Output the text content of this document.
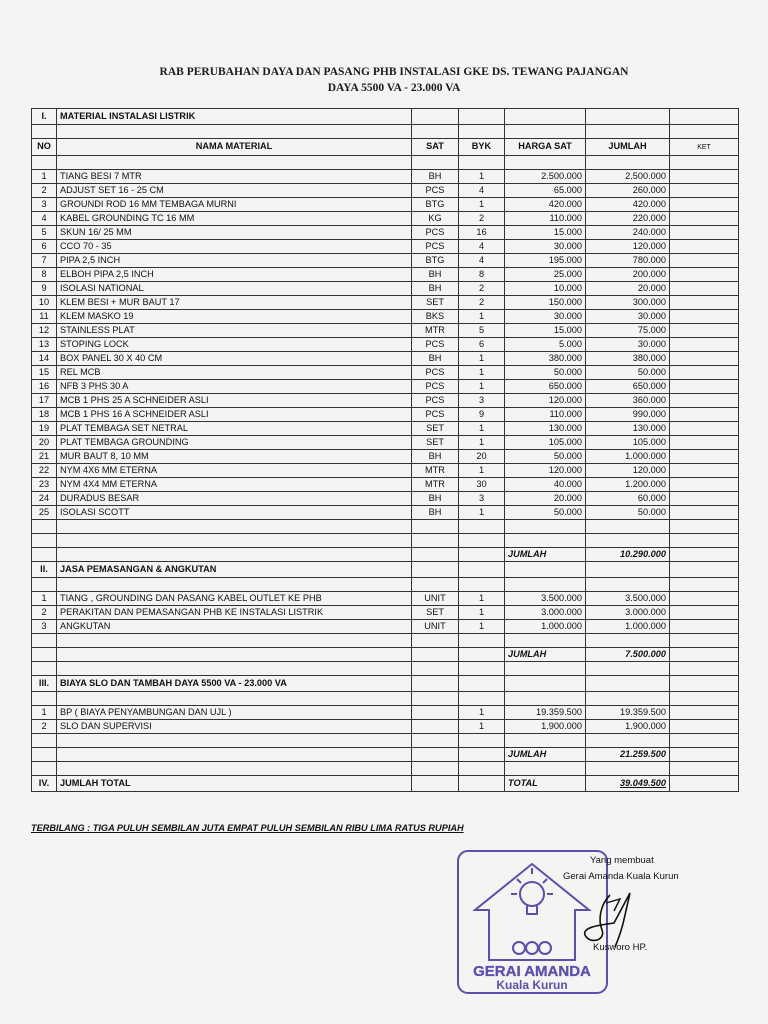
RAB PERUBAHAN DAYA DAN PASANG PHB INSTALASI GKE DS. TEWANG PAJANGAN
DAYA 5500 VA - 23.000 VA
I.	MATERIAL INSTALASI LISTRIK					

NO	NAMA MATERIAL	SAT	BYK	HARGA SAT	JUMLAH	KET

1	TIANG BESI 7 MTR	BH	1	2.500.000	2.500.000	
2	ADJUST SET 16 - 25 CM	PCS	4	65.000	260.000	
3	GROUNDI ROD 16 MM TEMBAGA MURNI	BTG	1	420.000	420.000	
4	KABEL GROUNDING TC 16 MM	KG	2	110.000	220.000	
5	SKUN 16/ 25 MM	PCS	16	15.000	240.000	
6	CCO 70 - 35	PCS	4	30.000	120.000	
7	PIPA 2,5 INCH	BTG	4	195.000	780.000	
8	ELBOH PIPA 2,5 INCH	BH	8	25.000	200.000	
9	ISOLASI NATIONAL	BH	2	10.000	20.000	
10	KLEM BESI + MUR BAUT 17	SET	2	150.000	300.000	
11	KLEM MASKO 19	BKS	1	30.000	30.000	
12	STAINLESS PLAT	MTR	5	15.000	75.000	
13	STOPING LOCK	PCS	6	5.000	30.000	
14	BOX PANEL 30 X 40 CM	BH	1	380.000	380.000	
15	REL MCB	PCS	1	50.000	50.000	
16	NFB 3 PHS 30 A	PCS	1	650.000	650.000	
17	MCB 1 PHS 25 A SCHNEIDER ASLI	PCS	3	120.000	360.000	
18	MCB 1 PHS 16 A SCHNEIDER ASLI	PCS	9	110.000	990.000	
19	PLAT TEMBAGA SET NETRAL	SET	1	130.000	130.000	
20	PLAT TEMBAGA GROUNDING	SET	1	105.000	105.000	
21	MUR BAUT 8, 10 MM	BH	20	50.000	1.000.000	
22	NYM 4X6 MM ETERNA	MTR	1	120.000	120.000	
23	NYM 4X4 MM ETERNA	MTR	30	40.000	1.200.000	
24	DURADUS BESAR	BH	3	20.000	60.000	
25	ISOLASI SCOTT	BH	1	50.000	50.000	

				JUMLAH	10.290.000	
II.	JASA PEMASANGAN & ANGKUTAN					

1	TIANG , GROUNDING DAN PASANG KABEL OUTLET KE PHB	UNIT	1	3.500.000	3.500.000	
2	PERAKITAN DAN PEMASANGAN PHB KE INSTALASI LISTRIK	SET	1	3.000.000	3.000.000	
3	ANGKUTAN	UNIT	1	1.000.000	1.000.000	

				JUMLAH	7.500.000	

III.	BIAYA SLO DAN TAMBAH DAYA 5500 VA - 23.000 VA					

1	BP ( BIAYA PENYAMBUNGAN DAN UJL )		1	19.359.500	19.359.500	
2	SLO DAN SUPERVISI		1	1.900.000	1.900.000	

				JUMLAH	21.259.500	

IV.	JUMLAH TOTAL			TOTAL	39.049.500	
TERBILANG : TIGA PULUH SEMBILAN JUTA EMPAT PULUH SEMBILAN RIBU LIMA RATUS RUPIAH
GERAI AMANDA
Kuala Kurun
Yang membuat
Gerai Amanda Kuala Kurun
Kusworo HP.
